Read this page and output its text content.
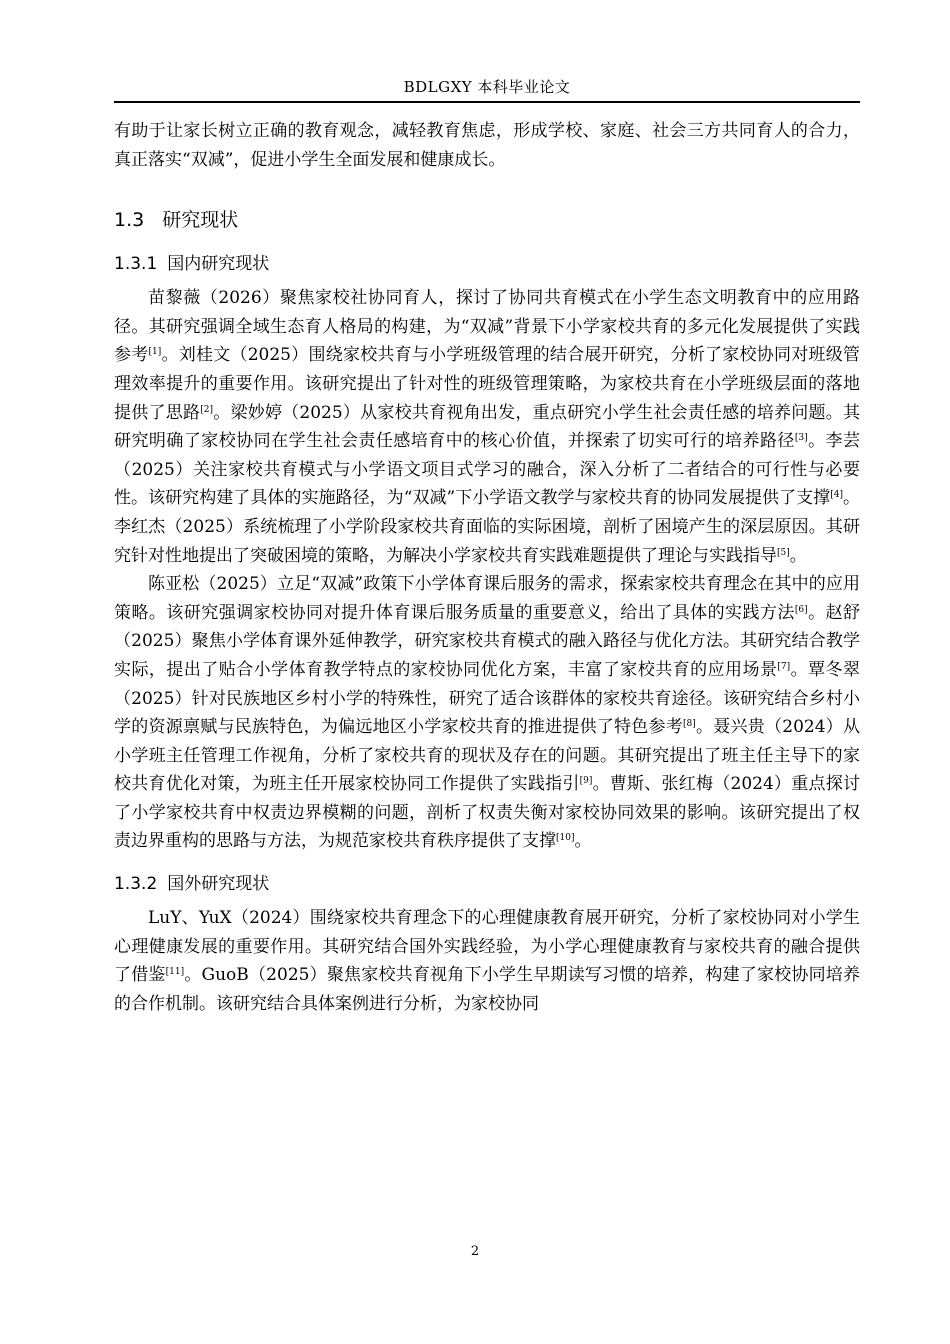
BDLGXY 本科毕业论文

有助于让家长树立正确的教育观念，减轻教育焦虑，形成学校、家庭、社会三方共同育人的合力，真正落实“双减”，促进小学生全面发展和健康成长。

1.3 研究现状
1.3.1 国内研究现状

苗黎薇（2026）聚焦家校社协同育人，探讨了协同共育模式在小学生态文明教育中的应用路径。其研究强调全域生态育人格局的构建，为“双减”背景下小学家校共育的多元化发展提供了实践参考[1]。刘桂文（2025）围绕家校共育与小学班级管理的结合展开研究，分析了家校协同对班级管理效率提升的重要作用。该研究提出了针对性的班级管理策略，为家校共育在小学班级层面的落地提供了思路[2]。梁妙婷（2025）从家校共育视角出发，重点研究小学生社会责任感的培养问题。其研究明确了家校协同在学生社会责任感培育中的核心价值，并探索了切实可行的培养路径[3]。李芸（2025）关注家校共育模式与小学语文项目式学习的融合，深入分析了二者结合的可行性与必要性。该研究构建了具体的实施路径，为“双减”下小学语文教学与家校共育的协同发展提供了支撑[4]。李红杰（2025）系统梳理了小学阶段家校共育面临的实际困境，剖析了困境产生的深层原因。其研究针对性地提出了突破困境的策略，为解决小学家校共育实践难题提供了理论与实践指导[5]。

陈亚松（2025）立足“双减”政策下小学体育课后服务的需求，探索家校共育理念在其中的应用策略。该研究强调家校协同对提升体育课后服务质量的重要意义，给出了具体的实践方法[6]。赵舒（2025）聚焦小学体育课外延伸教学，研究家校共育模式的融入路径与优化方法。其研究结合教学实际，提出了贴合小学体育教学特点的家校协同优化方案，丰富了家校共育的应用场景[7]。覃冬翠（2025）针对民族地区乡村小学的特殊性，研究了适合该群体的家校共育途径。该研究结合乡村小学的资源禀赋与民族特色，为偏远地区小学家校共育的推进提供了特色参考[8]。聂兴贵（2024）从小学班主任管理工作视角，分析了家校共育的现状及存在的问题。其研究提出了班主任主导下的家校共育优化对策，为班主任开展家校协同工作提供了实践指引[9]。曹斯、张红梅（2024）重点探讨了小学家校共育中权责边界模糊的问题，剖析了权责失衡对家校协同效果的影响。该研究提出了权责边界重构的思路与方法，为规范家校共育秩序提供了支撑[10]。

1.3.2 国外研究现状

LuY、YuX（2024）围绕家校共育理念下的心理健康教育展开研究，分析了家校协同对小学生心理健康发展的重要作用。其研究结合国外实践经验，为小学心理健康教育与家校共育的融合提供了借鉴[11]。GuoB（2025）聚焦家校共育视角下小学生早期读写习惯的培养，构建了家校协同培养的合作机制。该研究结合具体案例进行分析，为家校协同

2
